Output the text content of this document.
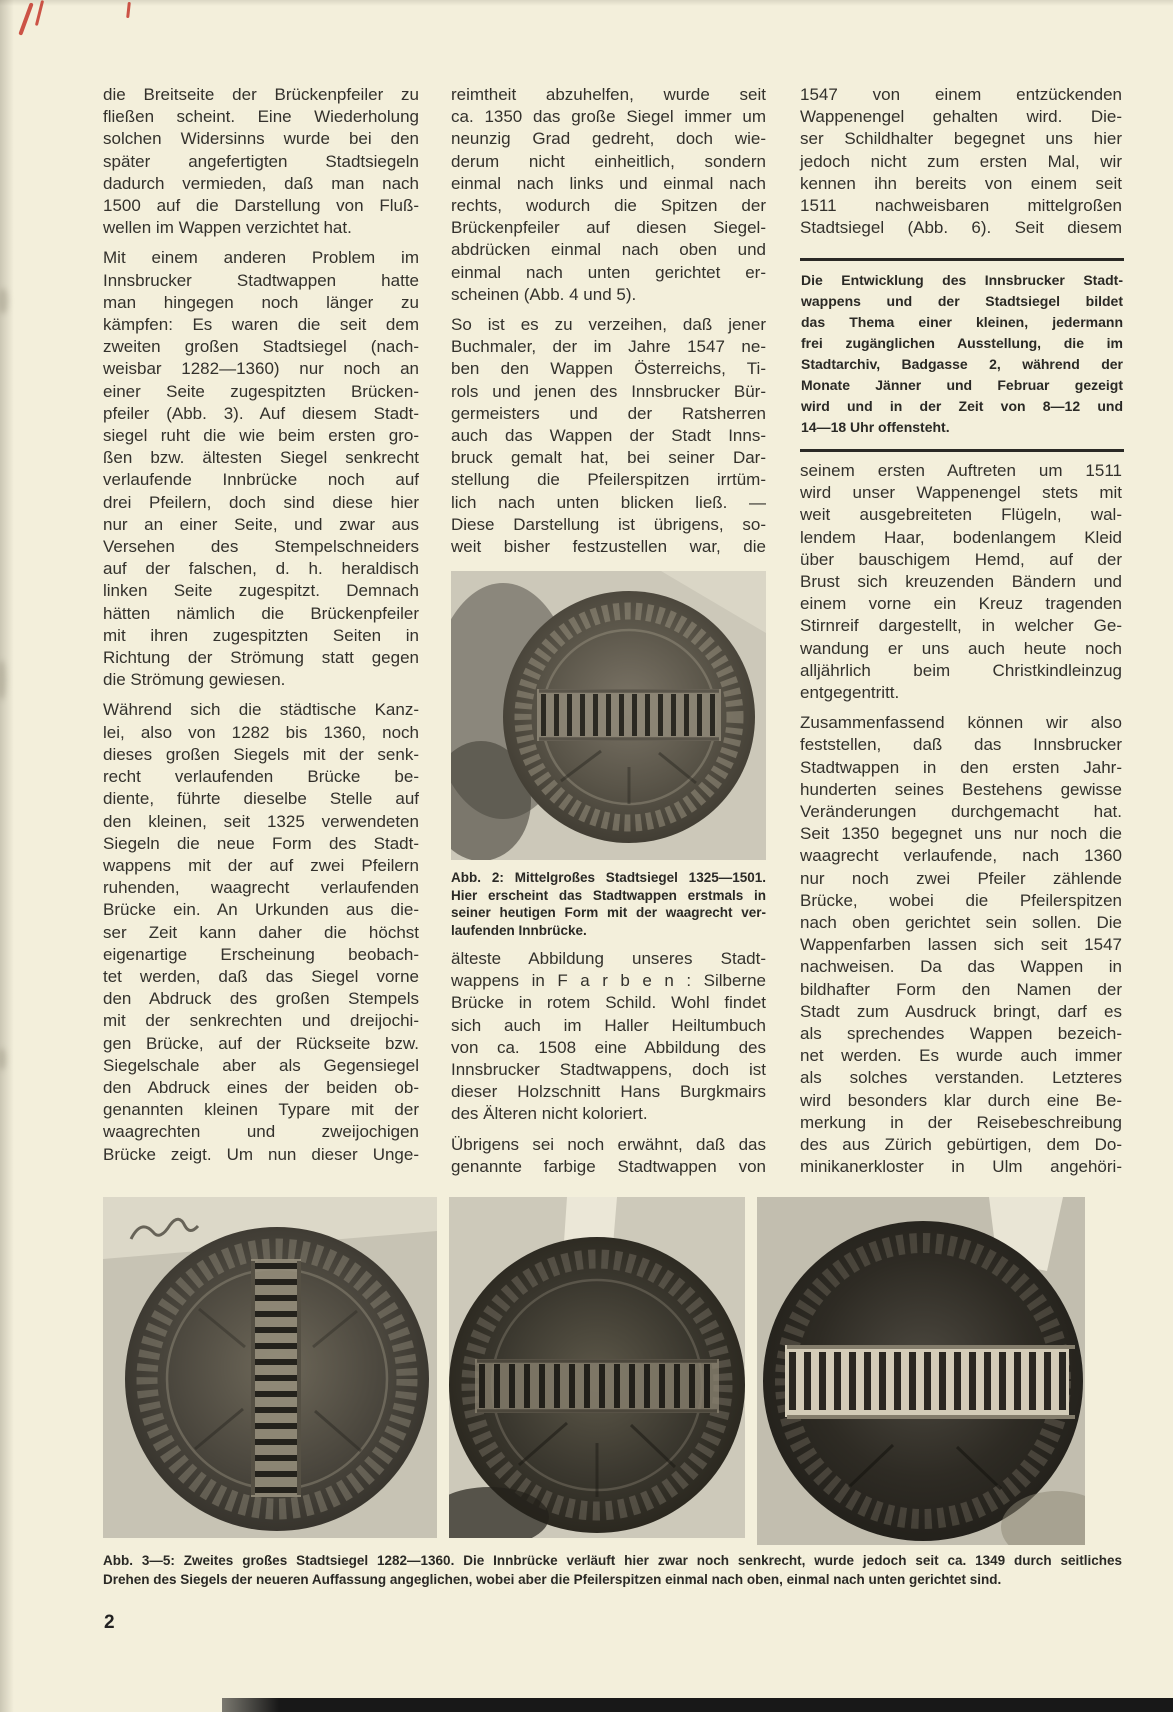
die Breitseite der Brückenpfeiler zu
fließen scheint. Eine Wiederholung
solchen Widersinns wurde bei den
später angefertigten Stadtsiegeln
dadurch vermieden, daß man nach
1500 auf die Darstellung von Fluß-
wellen im Wappen verzichtet hat.
Mit einem anderen Problem im
Innsbrucker Stadtwappen hatte
man hingegen noch länger zu
kämpfen: Es waren die seit dem
zweiten großen Stadtsiegel (nach-
weisbar 1282—1360) nur noch an
einer Seite zugespitzten Brücken-
pfeiler (Abb. 3). Auf diesem Stadt-
siegel ruht die wie beim ersten gro-
ßen bzw. ältesten Siegel senkrecht
verlaufende Innbrücke noch auf
drei Pfeilern, doch sind diese hier
nur an einer Seite, und zwar aus
Versehen des Stempelschneiders
auf der falschen, d. h. heraldisch
linken Seite zugespitzt. Demnach
hätten nämlich die Brückenpfeiler
mit ihren zugespitzten Seiten in
Richtung der Strömung statt gegen
die Strömung gewiesen.
Während sich die städtische Kanz-
lei, also von 1282 bis 1360, noch
dieses großen Siegels mit der senk-
recht verlaufenden Brücke be-
diente, führte dieselbe Stelle auf
den kleinen, seit 1325 verwendeten
Siegeln die neue Form des Stadt-
wappens mit der auf zwei Pfeilern
ruhenden, waagrecht verlaufenden
Brücke ein. An Urkunden aus die-
ser Zeit kann daher die höchst
eigenartige Erscheinung beobach-
tet werden, daß das Siegel vorne
den Abdruck des großen Stempels
mit der senkrechten und dreijochi-
gen Brücke, auf der Rückseite bzw.
Siegelschale aber als Gegensiegel
den Abdruck eines der beiden ob-
genannten kleinen Typare mit der
waagrechten und zweijochigen
Brücke zeigt. Um nun dieser Unge-
reimtheit abzuhelfen, wurde seit
ca. 1350 das große Siegel immer um
neunzig Grad gedreht, doch wie-
derum nicht einheitlich, sondern
einmal nach links und einmal nach
rechts, wodurch die Spitzen der
Brückenpfeiler auf diesen Siegel-
abdrücken einmal nach oben und
einmal nach unten gerichtet er-
scheinen (Abb. 4 und 5).
So ist es zu verzeihen, daß jener
Buchmaler, der im Jahre 1547 ne-
ben den Wappen Österreichs, Ti-
rols und jenen des Innsbrucker Bür-
germeisters und der Ratsherren
auch das Wappen der Stadt Inns-
bruck gemalt hat, bei seiner Dar-
stellung die Pfeilerspitzen irrtüm-
lich nach unten blicken ließ. —
Diese Darstellung ist übrigens, so-
weit bisher festzustellen war, die
Abb. 2: Mittelgroßes Stadtsiegel 1325—1501.
Hier erscheint das Stadtwappen erstmals in
seiner heutigen Form mit der waagrecht ver-
laufenden Innbrücke.
älteste Abbildung unseres Stadt-
wappens in F a r b e n : Silberne
Brücke in rotem Schild. Wohl findet
sich auch im Haller Heiltumbuch
von ca. 1508 eine Abbildung des
Innsbrucker Stadtwappens, doch ist
dieser Holzschnitt Hans Burgkmairs
des Älteren nicht koloriert.
Übrigens sei noch erwähnt, daß das
genannte farbige Stadtwappen von
1547 von einem entzückenden
Wappenengel gehalten wird. Die-
ser Schildhalter begegnet uns hier
jedoch nicht zum ersten Mal, wir
kennen ihn bereits von einem seit
1511 nachweisbaren mittelgroßen
Stadtsiegel (Abb. 6). Seit diesem
Die Entwicklung des Innsbrucker Stadt-
wappens und der Stadtsiegel bildet
das Thema einer kleinen, jedermann
frei zugänglichen Ausstellung, die im
Stadtarchiv, Badgasse 2, während der
Monate Jänner und Februar gezeigt
wird und in der Zeit von 8—12 und
14—18 Uhr offensteht.
seinem ersten Auftreten um 1511
wird unser Wappenengel stets mit
weit ausgebreiteten Flügeln, wal-
lendem Haar, bodenlangem Kleid
über bauschigem Hemd, auf der
Brust sich kreuzenden Bändern und
einem vorne ein Kreuz tragenden
Stirnreif dargestellt, in welcher Ge-
wandung er uns auch heute noch
alljährlich beim Christkindleinzug
entgegentritt.
Zusammenfassend können wir also
feststellen, daß das Innsbrucker
Stadtwappen in den ersten Jahr-
hunderten seines Bestehens gewisse
Veränderungen durchgemacht hat.
Seit 1350 begegnet uns nur noch die
waagrecht verlaufende, nach 1360
nur noch zwei Pfeiler zählende
Brücke, wobei die Pfeilerspitzen
nach oben gerichtet sein sollen. Die
Wappenfarben lassen sich seit 1547
nachweisen. Da das Wappen in
bildhafter Form den Namen der
Stadt zum Ausdruck bringt, darf es
als sprechendes Wappen bezeich-
net werden. Es wurde auch immer
als solches verstanden. Letzteres
wird besonders klar durch eine Be-
merkung in der Reisebeschreibung
des aus Zürich gebürtigen, dem Do-
minikanerkloster in Ulm angehöri-
Abb. 3—5: Zweites großes Stadtsiegel 1282—1360. Die Innbrücke verläuft hier zwar noch senkrecht, wurde jedoch seit ca. 1349 durch seitliches
Drehen des Siegels der neueren Auffassung angeglichen, wobei aber die Pfeilerspitzen einmal nach oben, einmal nach unten gerichtet sind.
2
